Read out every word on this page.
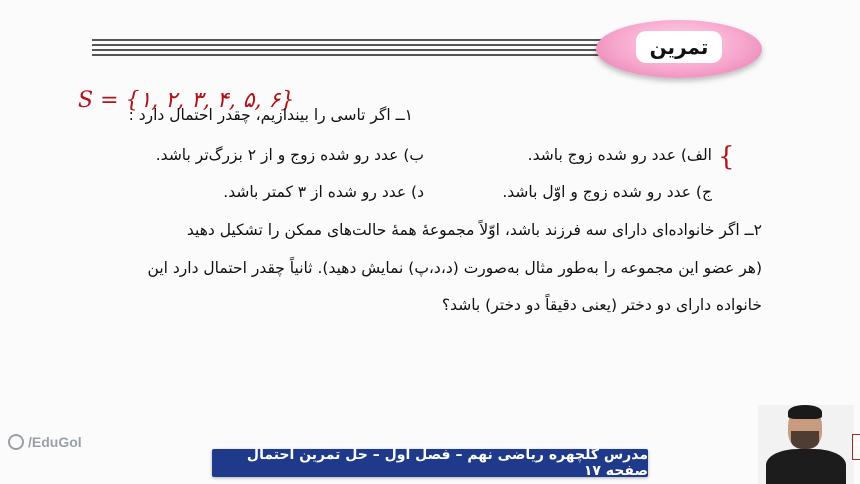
تمرین
S = {۱, ۲, ۳, ۴, ۵, ۶}
{
۱ــ اگر تاسی را بیندازیم، چقدر احتمال دارد :
الف) عدد رو شده زوج باشد.
ب) عدد رو شده زوج و از ۲ بزرگ‌تر باشد.
ج) عدد رو شده زوج و اوّل باشد.
د) عدد رو شده از ۳ کمتر باشد.
۲ــ اگر خانواده‌ای دارای سه فرزند باشد، اوّلاً مجموعهٔ همهٔ حالت‌های ممکن را تشکیل دهید
(هر عضو این مجموعه را به‌طور مثال به‌صورت (د،د،پ) نمایش دهید). ثانیاً چقدر احتمال دارد این
خانواده دارای دو دختر (یعنی دقیقاً دو دختر) باشد؟
/EduGol
مدرس گلچهره ریاضی نهم – فصل اول – حل تمرین احتمال صفحه ۱۷
